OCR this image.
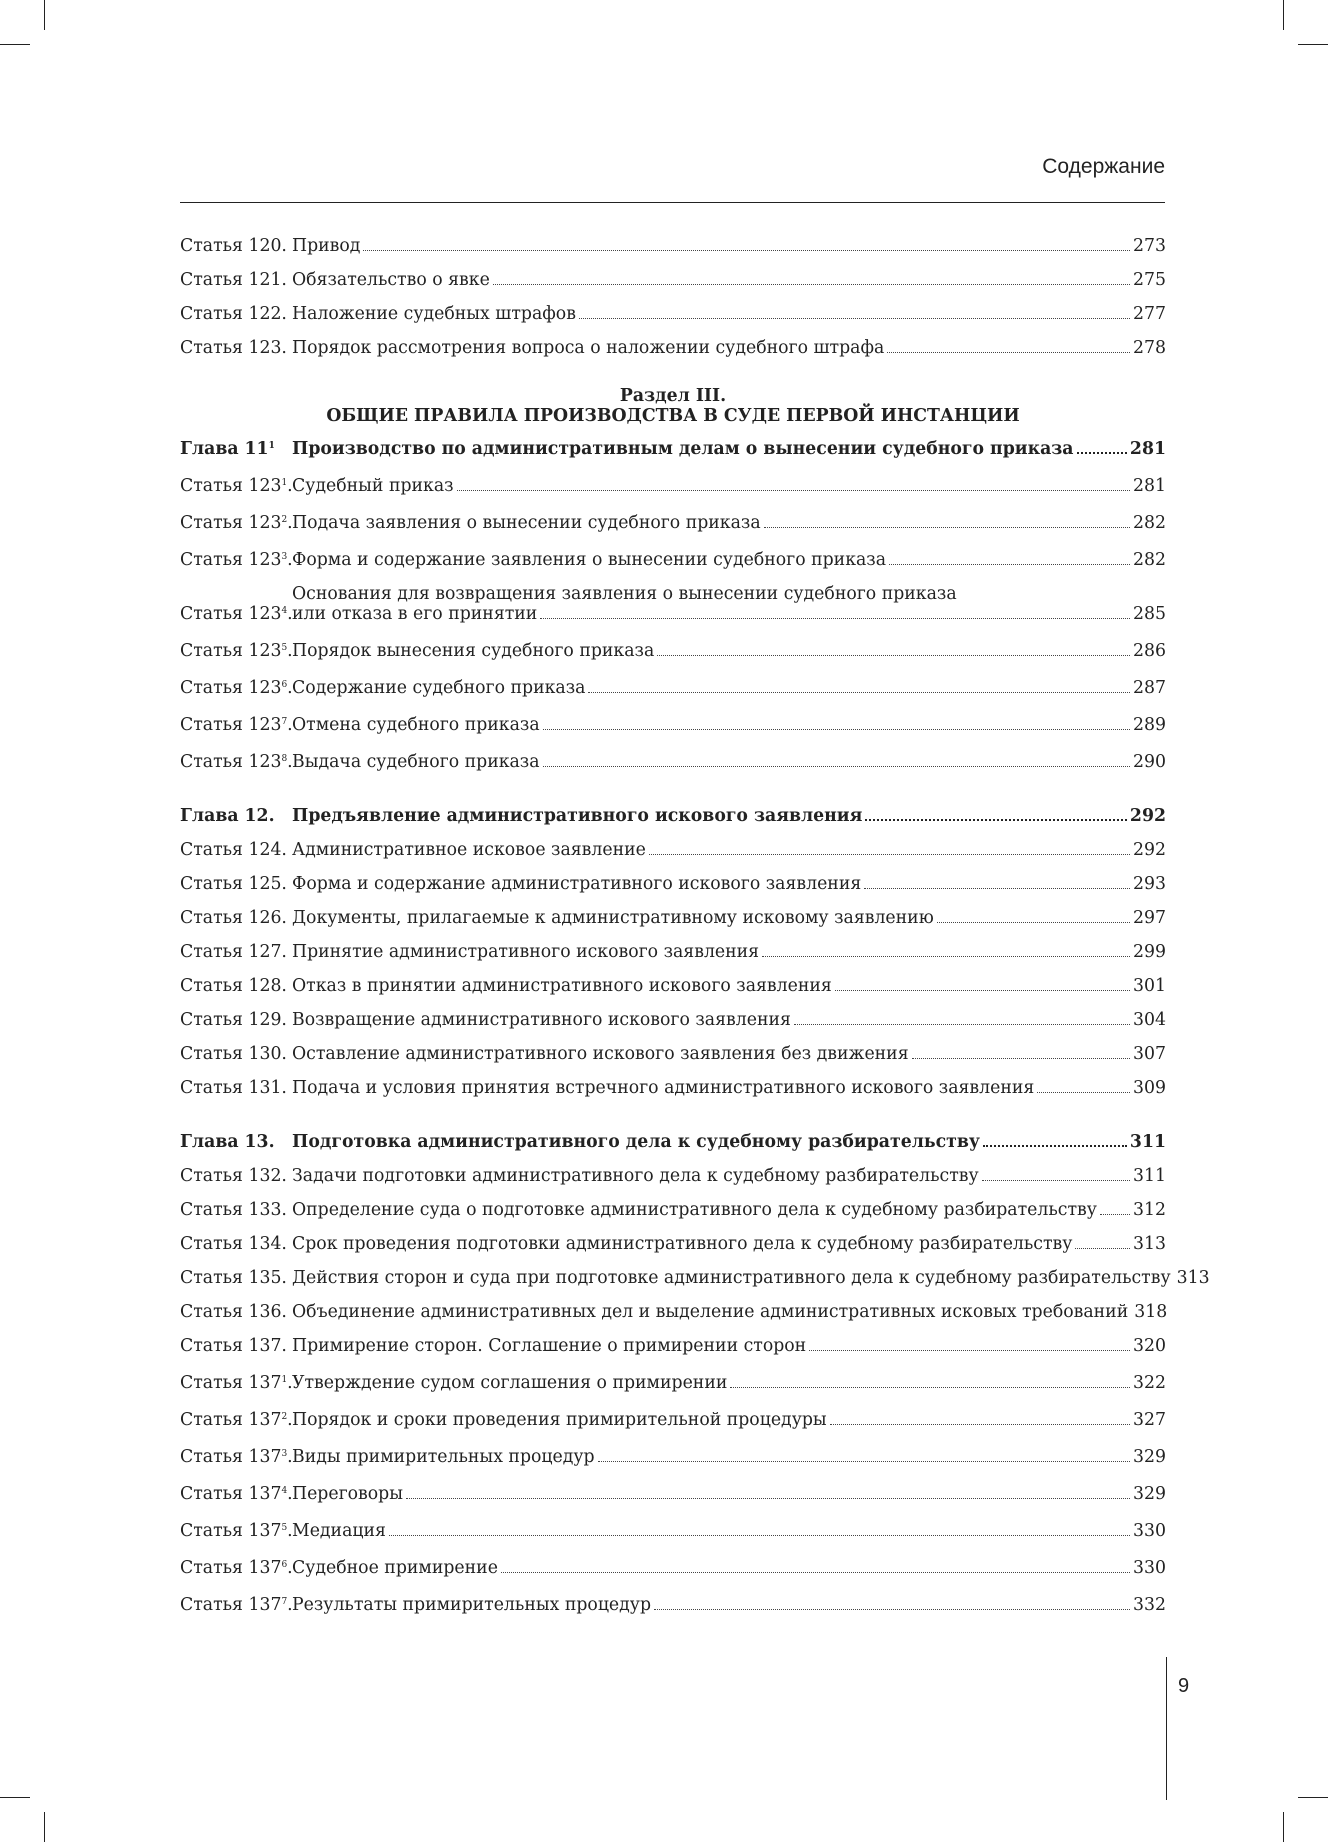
Содержание
Статья 120. Привод	273
Статья 121. Обязательство о явке	275
Статья 122. Наложение судебных штрафов	277
Статья 123. Порядок рассмотрения вопроса о наложении судебного штрафа	278
Раздел III.
ОБЩИЕ ПРАВИЛА ПРОИЗВОДСТВА В СУДЕ ПЕРВОЙ ИНСТАНЦИИ
Глава $11^1$ Производство по административным делам о вынесении судебного приказа	281
Статья $123^1$. Судебный приказ	281
Статья $123^2$. Подача заявления о вынесении судебного приказа	282
Статья $123^3$. Форма и содержание заявления о вынесении судебного приказа	282
Статья $123^4$.
Основания для возвращения заявления о вынесении судебного приказа
или отказа в его принятии	285
Статья $123^5$. Порядок вынесения судебного приказа	286
Статья $123^6$. Содержание судебного приказа	287
Статья $123^7$. Отмена судебного приказа	289
Статья $123^8$. Выдача судебного приказа	290
Глава 12.	Предъявление административного искового заявления	292
Статья 124. Административное исковое заявление	292
Статья 125. Форма и содержание административного искового заявления	293
Статья 126. Документы, прилагаемые к административному исковому заявлению	297
Статья 127. Принятие административного искового заявления	299
Статья 128. Отказ в принятии административного искового заявления	301
Статья 129. Возвращение административного искового заявления	304
Статья 130. Оставление административного искового заявления без движения	307
Статья 131. Подача и условия принятия встречного административного искового заявления	309
Глава 13.	Подготовка административного дела к судебному разбирательству	311
Статья 132. Задачи подготовки административного дела к судебному разбирательству	311
Статья 133. Определение суда о подготовке административного дела к судебному разбирательству 312
Статья 134. Срок проведения подготовки административного дела к судебному разбирательству	313
Статья 135. Действия сторон и суда при подготовке административного дела к судебному разбирательству 313
Статья 136. Объединение административных дел и выделение административных исковых требований 318
Статья 137. Примирение сторон. Соглашение о примирении сторон	320
Статья $137^1$. Утверждение судом соглашения о примирении	322
Статья $137^2$. Порядок и сроки проведения примирительной процедуры	327
Статья $137^3$. Виды примирительных процедур	329
Статья $137^4$. Переговоры	329
Статья $137^5$. Медиация	330
Статья $137^6$. Судебное примирение	330
Статья $137^7$. Результаты примирительных процедур	332
9
